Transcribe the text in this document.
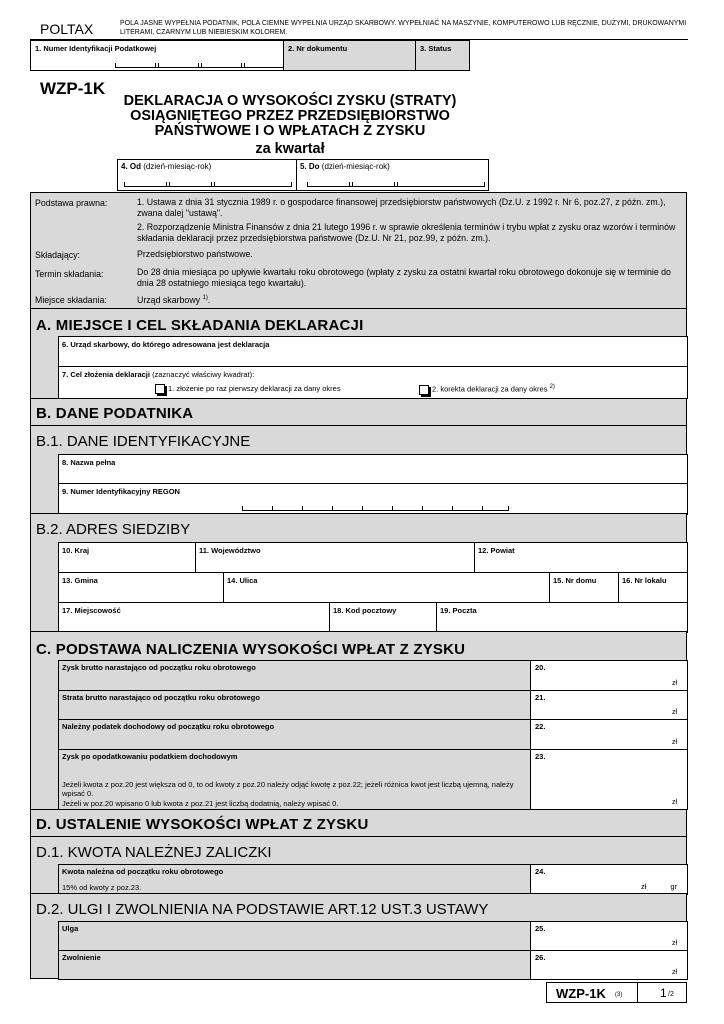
POLTAX	POLA JASNE WYPEŁNIA PODATNIK, POLA CIEMNE WYPEŁNIA URZĄD SKARBOWY. WYPEŁNIAĆ NA MASZYNIE, KOMPUTEROWO LUB RĘCZNIE, DUŻYMI, DRUKOWANYMI LITERAMI, CZARNYM LUB NIEBIESKIM KOLOREM.
1. Numer Identyfikacji Podatkowej	2. Nr dokumentu	3. Status
WZP-1K
DEKLARACJA O WYSOKOŚCI ZYSKU (STRATY)
OSIĄGNIĘTEGO PRZEZ PRZEDSIĘBIORSTWO
PAŃSTWOWE I O WPŁATACH Z ZYSKU
za kwartał
4. Od (dzień-miesiąc-rok)	5. Do (dzień-miesiąc-rok)
Podstawa prawna:	1. Ustawa z dnia 31 stycznia 1989 r. o gospodarce finansowej przedsiębiorstw państwowych (Dz.U. z 1992 r. Nr 6, poz.27, z późn. zm.), zwana dalej "ustawą".
2. Rozporządzenie Ministra Finansów z dnia 21 lutego 1996 r. w sprawie określenia terminów i trybu wpłat z zysku oraz wzorów i terminów składania deklaracji przez przedsiębiorstwa państwowe (Dz.U. Nr 21, poz.99, z późn. zm.).
Składający:	Przedsiębiorstwo państwowe.
Termin składania:	Do 28 dnia miesiąca po upływie kwartału roku obrotowego (wpłaty z zysku za ostatni kwartał roku obrotowego dokonuje się w terminie do dnia 28 ostatniego miesiąca tego kwartału).
Miejsce składania:	Urząd skarbowy $^{1)}$.
A. MIEJSCE I CEL SKŁADANIA DEKLARACJI
6. Urząd skarbowy, do którego adresowana jest deklaracja
7. Cel złożenia deklaracji (zaznaczyć właściwy kwadrat):
1. złożenie po raz pierwszy deklaracji za dany okres	2. korekta deklaracji za dany okres $^{2)}$
B. DANE PODATNIKA
B.1. DANE IDENTYFIKACYJNE
8. Nazwa pełna
9. Numer Identyfikacyjny REGON
B.2. ADRES SIEDZIBY
10. Kraj	11. Województwo	12. Powiat
13. Gmina	14. Ulica	15. Nr domu	16. Nr lokalu
17. Miejscowość	18. Kod pocztowy	19. Poczta
C. PODSTAWA NALICZENIA WYSOKOŚCI WPŁAT Z ZYSKU
Zysk brutto narastająco od początku roku obrotowego	20.
zł
Strata brutto narastająco od początku roku obrotowego	21.
zł
Należny podatek dochodowy od początku roku obrotowego	22.
zł
Zysk po opodatkowaniu podatkiem dochodowym
Jeżeli kwota z poz.20 jest większa od 0, to od kwoty z poz.20 należy odjąć kwotę z poz.22; jeżeli różnica kwot jest liczbą ujemną, należy wpisać 0.
Jeżeli w poz.20 wpisano 0 lub kwota z poz.21 jest liczbą dodatnią, należy wpisać 0.
23.
zł
D. USTALENIE WYSOKOŚCI WPŁAT Z ZYSKU
D.1. KWOTA NALEŻNEJ ZALICZKI
Kwota należna od początku roku obrotowego
15% od kwoty z poz.23.
24.
zł	gr
D.2. ULGI I ZWOLNIENIA NA PODSTAWIE ART.12 UST.3 USTAWY
Ulga	25.
zł
Zwolnienie	26.
zł
WZP-1K (3)	1 /2
